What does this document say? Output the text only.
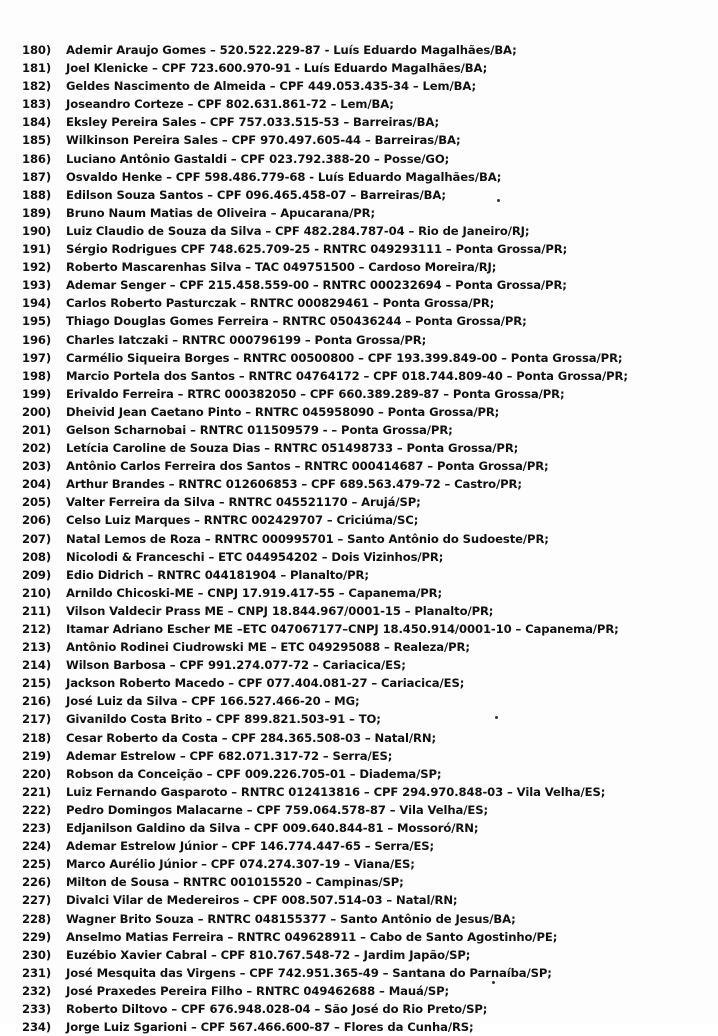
180)	Ademir Araujo Gomes – 520.522.229-87 - Luís Eduardo Magalhães/BA;
181)	Joel Klenicke – CPF 723.600.970-91 - Luís Eduardo Magalhães/BA;
182)	Geldes Nascimento de Almeida – CPF 449.053.435-34 – Lem/BA;
183)	Joseandro Corteze – CPF 802.631.861-72 – Lem/BA;
184)	Eksley Pereira Sales – CPF 757.033.515-53 – Barreiras/BA;
185)	Wilkinson Pereira Sales – CPF 970.497.605-44 – Barreiras/BA;
186)	Luciano Antônio Gastaldi – CPF 023.792.388-20 – Posse/GO;
187)	Osvaldo Henke – CPF 598.486.779-68 - Luís Eduardo Magalhães/BA;
188)	Edilson Souza Santos – CPF 096.465.458-07 – Barreiras/BA;
189)	Bruno Naum Matias de Oliveira – Apucarana/PR;
190)	Luiz Claudio de Souza da Silva – CPF 482.284.787-04 – Rio de Janeiro/RJ;
191)	Sérgio Rodrigues CPF 748.625.709-25 - RNTRC 049293111 – Ponta Grossa/PR;
192)	Roberto Mascarenhas Silva – TAC 049751500 – Cardoso Moreira/RJ;
193)	Ademar Senger – CPF 215.458.559-00 – RNTRC 000232694 – Ponta Grossa/PR;
194)	Carlos Roberto Pasturczak – RNTRC 000829461 – Ponta Grossa/PR;
195)	Thiago Douglas Gomes Ferreira – RNTRC 050436244 – Ponta Grossa/PR;
196)	Charles Iatczaki – RNTRC 000796199 – Ponta Grossa/PR;
197)	Carmélio Siqueira Borges – RNTRC 00500800 – CPF 193.399.849-00 – Ponta Grossa/PR;
198)	Marcio Portela dos Santos – RNTRC 04764172 – CPF 018.744.809-40 – Ponta Grossa/PR;
199)	Erivaldo Ferreira – RTRC 000382050 – CPF 660.389.289-87 – Ponta Grossa/PR;
200)	Dheivid Jean Caetano Pinto – RNTRC 045958090 – Ponta Grossa/PR;
201)	Gelson Scharnobai – RNTRC 011509579 - – Ponta Grossa/PR;
202)	Letícia Caroline de Souza Dias – RNTRC 051498733 – Ponta Grossa/PR;
203)	Antônio Carlos Ferreira dos Santos – RNTRC 000414687 – Ponta Grossa/PR;
204)	Arthur Brandes – RNTRC 012606853 – CPF 689.563.479-72 – Castro/PR;
205)	Valter Ferreira da Silva – RNTRC 045521170 – Arujá/SP;
206)	Celso Luiz Marques – RNTRC 002429707 – Criciúma/SC;
207)	Natal Lemos de Roza – RNTRC 000995701 – Santo Antônio do Sudoeste/PR;
208)	Nicolodi & Franceschi – ETC 044954202 – Dois Vizinhos/PR;
209)	Edio Didrich – RNTRC 044181904 – Planalto/PR;
210)	Arnildo Chicoski-ME – CNPJ 17.919.417-55 – Capanema/PR;
211)	Vilson Valdecir Prass ME – CNPJ 18.844.967/0001-15 – Planalto/PR;
212)	Itamar Adriano Escher ME –ETC 047067177–CNPJ 18.450.914/0001-10 – Capanema/PR;
213)	Antônio Rodinei Ciudrowski ME – ETC 049295088 – Realeza/PR;
214)	Wilson Barbosa – CPF 991.274.077-72 – Cariacica/ES;
215)	Jackson Roberto Macedo – CPF 077.404.081-27 – Cariacica/ES;
216)	José Luiz da Silva – CPF 166.527.466-20 – MG;
217)	Givanildo Costa Brito – CPF 899.821.503-91 – TO;
218)	Cesar Roberto da Costa – CPF 284.365.508-03 – Natal/RN;
219)	Ademar Estrelow – CPF 682.071.317-72 – Serra/ES;
220)	Robson da Conceição – CPF 009.226.705-01 – Diadema/SP;
221)	Luiz Fernando Gasparoto – RNTRC 012413816 – CPF 294.970.848-03 – Vila Velha/ES;
222)	Pedro Domingos Malacarne – CPF 759.064.578-87 – Vila Velha/ES;
223)	Edjanilson Galdino da Silva – CPF 009.640.844-81 – Mossoró/RN;
224)	Ademar Estrelow Júnior – CPF 146.774.447-65 – Serra/ES;
225)	Marco Aurélio Júnior – CPF 074.274.307-19 – Viana/ES;
226)	Milton de Sousa – RNTRC 001015520 – Campinas/SP;
227)	Divalci Vilar de Medereiros – CPF 008.507.514-03 – Natal/RN;
228)	Wagner Brito Souza – RNTRC 048155377 – Santo Antônio de Jesus/BA;
229)	Anselmo Matias Ferreira – RNTRC 049628911 – Cabo de Santo Agostinho/PE;
230)	Euzébio Xavier Cabral – CPF 810.767.548-72 – Jardim Japão/SP;
231)	José Mesquita das Virgens – CPF 742.951.365-49 – Santana do Parnaíba/SP;
232)	José Praxedes Pereira Filho – RNTRC 049462688 – Mauá/SP;
233)	Roberto Diltovo – CPF 676.948.028-04 – São José do Rio Preto/SP;
234)	Jorge Luiz Sgarioni – CPF 567.466.600-87 – Flores da Cunha/RS;
